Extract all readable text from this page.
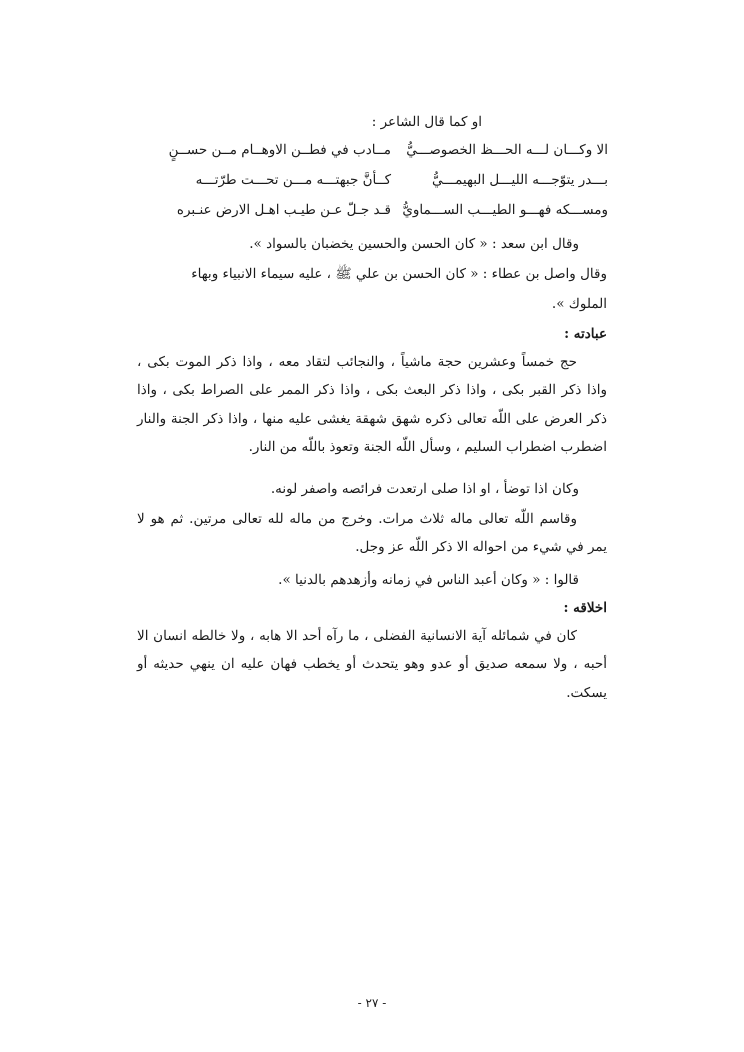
او كما قال الشاعر :
مــادب في فطــن الاوهــام مــن حســنٍ الا وكـــان لـــه الحـــظ الخصوصـــيُّ
كــأنَّ جبهتـــه مـــن تحـــت طرّتـــه	بـــدر يتوّجـــه الليـــل البهيمـــيُّ
قـد جـلّ عـن طيـب اهـل الارض عنـبره ومســـكه فهـــو الطيـــب الســـماويُّ
وقال ابن سعد : « كان الحسن والحسين يخضبان بالسواد ».
وقال واصل بن عطاء : « كان الحسن بن علي ﷺ ، عليه سيماء الانبياء وبهاء
الملوك ».
عبادته :
حج خمساً وعشرين حجة ماشياً ، والنجائب لتقاد معه ، واذا ذكر الموت بكى ، واذا ذكر القبر بكى ، واذا ذكر البعث بكى ، واذا ذكر الممر على الصراط بكى ، واذا ذكر العرض على اللّه تعالى ذكره شهق شهقة يغشى عليه منها ، واذا ذكر الجنة والنار اضطرب اضطراب السليم ، وسأل اللّه الجنة وتعوذ باللّه من النار.
وكان اذا توضأ ، او اذا صلى ارتعدت فرائصه واصفر لونه.
وقاسم اللّه تعالى ماله ثلاث مرات. وخرج من ماله لله تعالى مرتين. ثم هو لا يمر في شيء من احواله الا ذكر اللّه عز وجل.
قالوا : « وكان أعبد الناس في زمانه وأزهدهم بالدنيا ».
اخلاقه :
كان في شمائله آية الانسانية الفضلى ، ما رآه أحد الا هابه ، ولا خالطه انسان الا أحبه ، ولا سمعه صديق أو عدو وهو يتحدث أو يخطب فهان عليه ان ينهي حديثه أو يسكت.
- ٢٧ -
